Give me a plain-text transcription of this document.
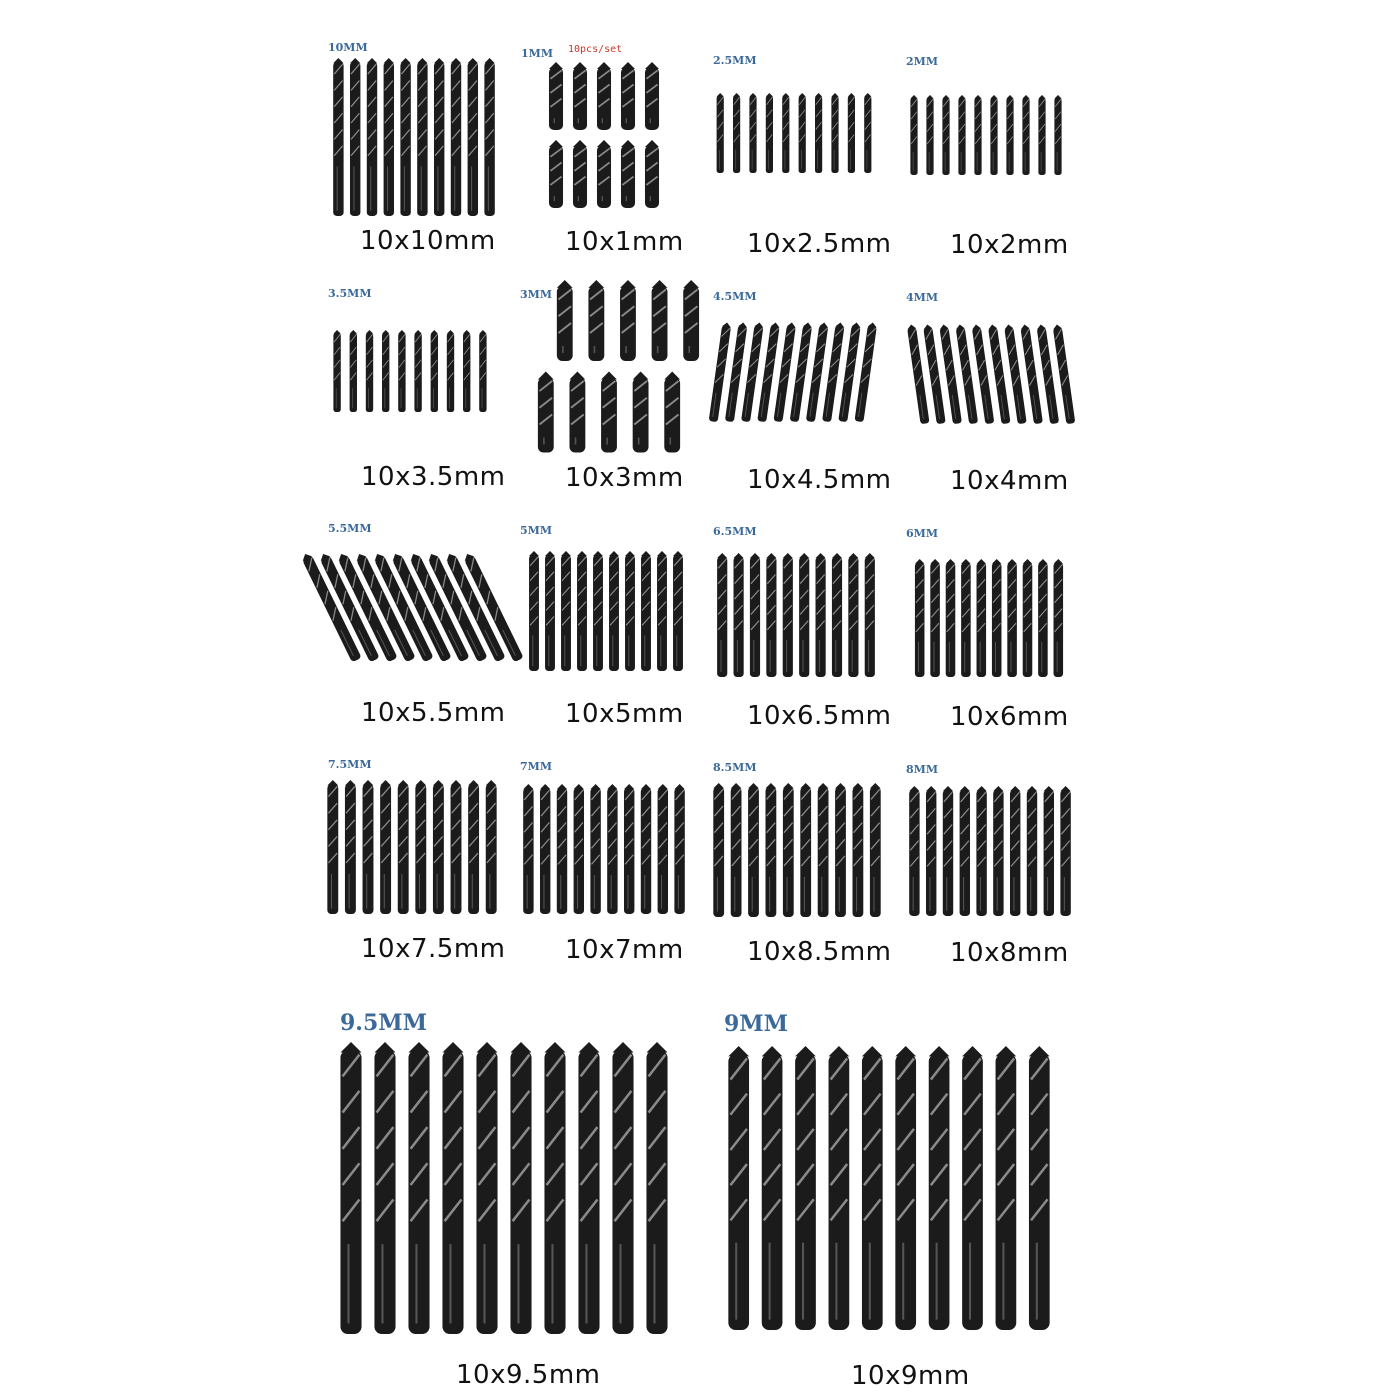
10MM
10x10mm
1MM 10pcs/set
10x1mm
2.5MM
10x2.5mm
2MM
10x2mm
3.5MM
10x3.5mm
3MM
10x3mm
4.5MM
10x4.5mm
4MM
10x4mm
5.5MM
10x5.5mm
5MM
10x5mm
6.5MM
10x6.5mm
6MM
10x6mm
7.5MM
10x7.5mm
7MM
10x7mm
8.5MM
10x8.5mm
8MM
10x8mm
9.5MM
10x9.5mm
9MM
10x9mm
